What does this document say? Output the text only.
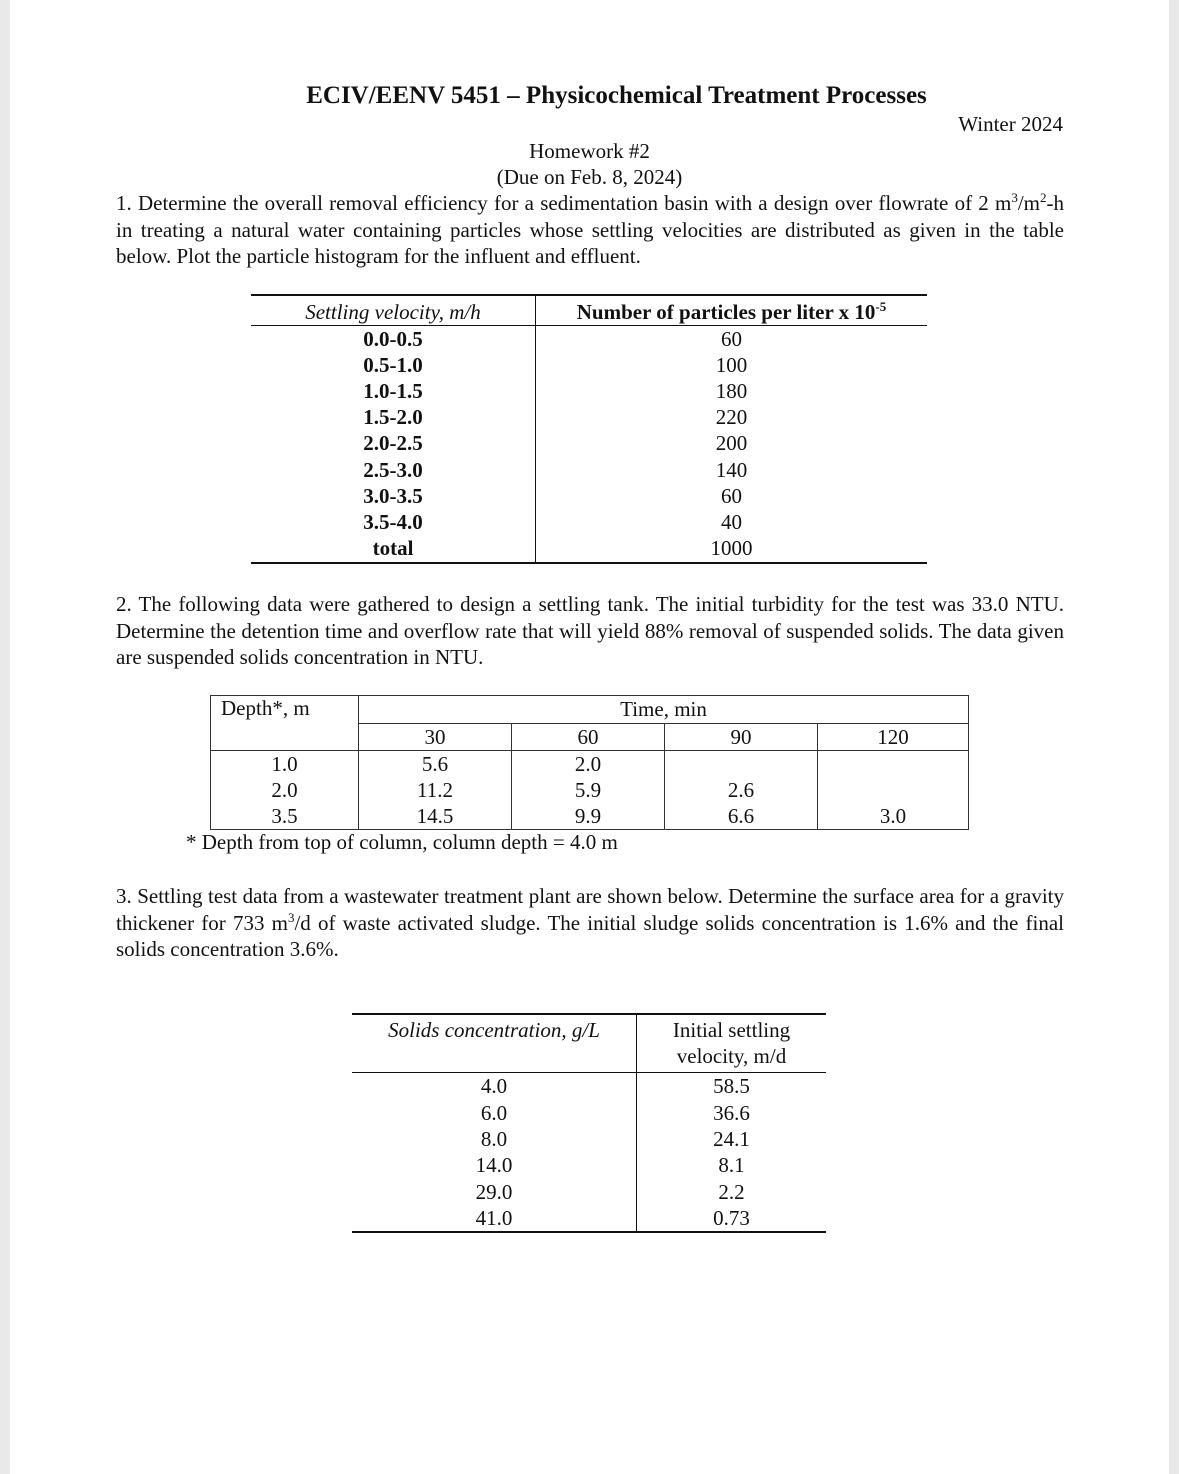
ECIV/EENV 5451 – Physicochemical Treatment Processes
Winter 2024
Homework #2
(Due on Feb. 8, 2024)
1. Determine the overall removal efficiency for a sedimentation basin with a design over flowrate of 2 $m^3/m^2-h$ in treating a natural water containing particles whose settling velocities are distributed as given in the table below. Plot the particle histogram for the influent and effluent.
Settling velocity, m/h	Number of particles per liter x $10^{-5}$
0.0-0.5	60
0.5-1.0	100
1.0-1.5	180
1.5-2.0	220
2.0-2.5	200
2.5-3.0	140
3.0-3.5	60
3.5-4.0	40
total	1000
2. The following data were gathered to design a settling tank. The initial turbidity for the test was 33.0 NTU. Determine the detention time and overflow rate that will yield 88% removal of suspended solids. The data given are suspended solids concentration in NTU.
Depth*, m	Time, min			
	30	60	90	120
1.0	5.6	2.0		
2.0	11.2	5.9	2.6	
3.5	14.5	9.9	6.6	3.0
* Depth from top of column, column depth = 4.0 m
3. Settling test data from a wastewater treatment plant are shown below. Determine the surface area for a gravity thickener for 733 $m^3/d$ of waste activated sludge. The initial sludge solids concentration is 1.6% and the final solids concentration 3.6%.
Solids concentration, g/L	Initial settling
velocity, m/d
4.0	58.5
6.0	36.6
8.0	24.1
14.0	8.1
29.0	2.2
41.0	0.73
